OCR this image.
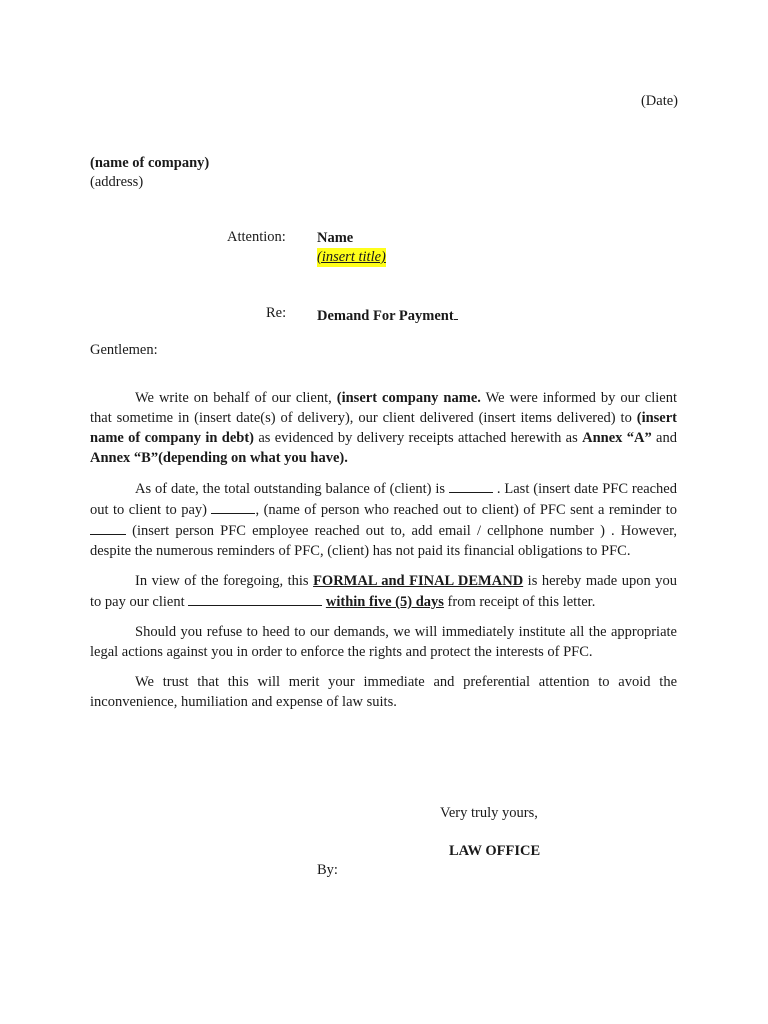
(Date)
(name of company)
(address)
Attention: Name
(insert title)
Re: Demand For Payment
Gentlemen:

We write on behalf of our client, (insert company name. We were informed by our client that sometime in (insert date(s) of delivery), our client delivered (insert items delivered) to (insert name of company in debt) as evidenced by delivery receipts attached herewith as Annex “A” and Annex “B”(depending on what you have).

As of date, the total outstanding balance of (client) is	. Last (insert date PFC reached out to client to pay)	, (name of person who reached out to client) of PFC sent a reminder to  (insert person PFC employee reached out to, add email / cellphone number ) . However, despite the numerous reminders of PFC, (client) has not paid its financial obligations to PFC.

In view of the foregoing, this FORMAL and FINAL DEMAND is hereby made upon you to pay our client	within five (5) days from receipt of this letter.

Should you refuse to heed to our demands, we will immediately institute all the appropriate legal actions against you in order to enforce the rights and protect the interests of PFC.

We trust that this will merit your immediate and preferential attention to avoid the inconvenience, humiliation and expense of law suits.

Very truly yours,
LAW OFFICE
By:
